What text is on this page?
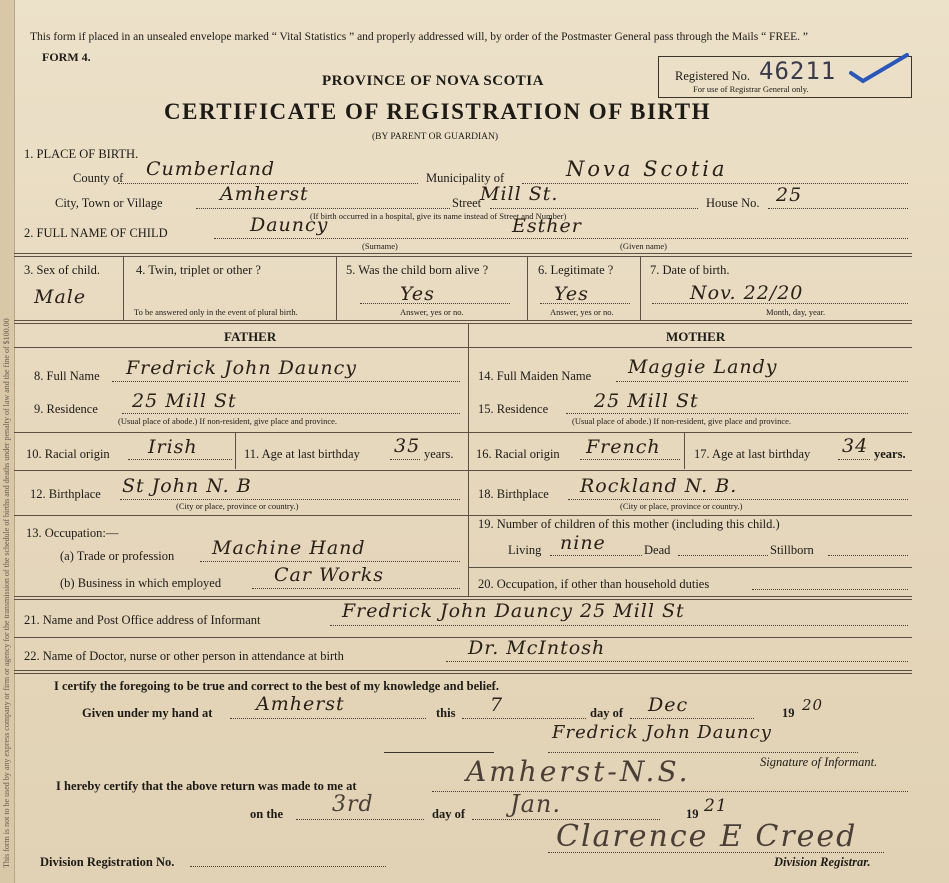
This form is not to be used by any express company or firm or agency for the transmission of the schedule of births and deaths under penalty of law and the fine of $100.00
This form if placed in an unsealed envelope marked “ Vital Statistics ” and properly addressed will, by order of the Postmaster General pass through the Mails “ FREE. ”
FORM 4.
PROVINCE OF NOVA SCOTIA
CERTIFICATE OF REGISTRATION OF BIRTH
(BY PARENT OR GUARDIAN)
Registered No. 46211
For use of Registrar General only.
1. PLACE OF BIRTH.
County of Cumberland	Municipality of	Nova Scotia
City, Town or Village	Amherst	Street
Mill St.	House No. 25
(If birth occurred in a hospital, give its name instead of Street and Number)
2. FULL NAME OF CHILD	Dauncy
(Surname)
Esther
(Given name)
3. Sex of child.
Male
4. Twin, triplet or other ?
To be answered only in the event of plural birth.
5. Was the child born alive ?
Yes
Answer, yes or no.
6. Legitimate ?
Yes
Answer, yes or no.
7. Date of birth.
Nov. 22/20
Month, day, year.
FATHER	MOTHER
8. Full Name Fredrick John Dauncy
9. Residence 25 Mill St
(Usual place of abode.) If non-resident, give place and province.
10. Racial origin Irish	11. Age at last birthday 35 years.
12. Birthplace St John N. B
(City or place, province or country.)
13. Occupation:—
(a) Trade or profession Machine Hand
(b) Business in which employed	Car Works
14. Full Maiden Name Maggie Landy
15. Residence 25 Mill St
(Usual place of abode.) If non-resident, give place and province.
16. Racial origin French	17. Age at last birthday 34 years.
18. Birthplace Rockland N. B.
(City or place, province or country.)
19. Number of children of this mother (including this child.)
Living nine	Dead	Stillborn
20. Occupation, if other than household duties
21. Name and Post Office address of Informant	Fredrick John Dauncy 25 Mill St
22. Name of Doctor, nurse or other person in attendance at birth	Dr. McIntosh
I certify the foregoing to be true and correct to the best of my knowledge and belief.
Given under my hand at Amherst	this 7	day of Dec	19 20
Fredrick John Dauncy
Signature of Informant.
I hereby certify that the above return was made to me at	Amherst-N.S.
on the 3rd	day of Jan.	19 21
Clarence E Creed
Division Registration No.	Division Registrar.
